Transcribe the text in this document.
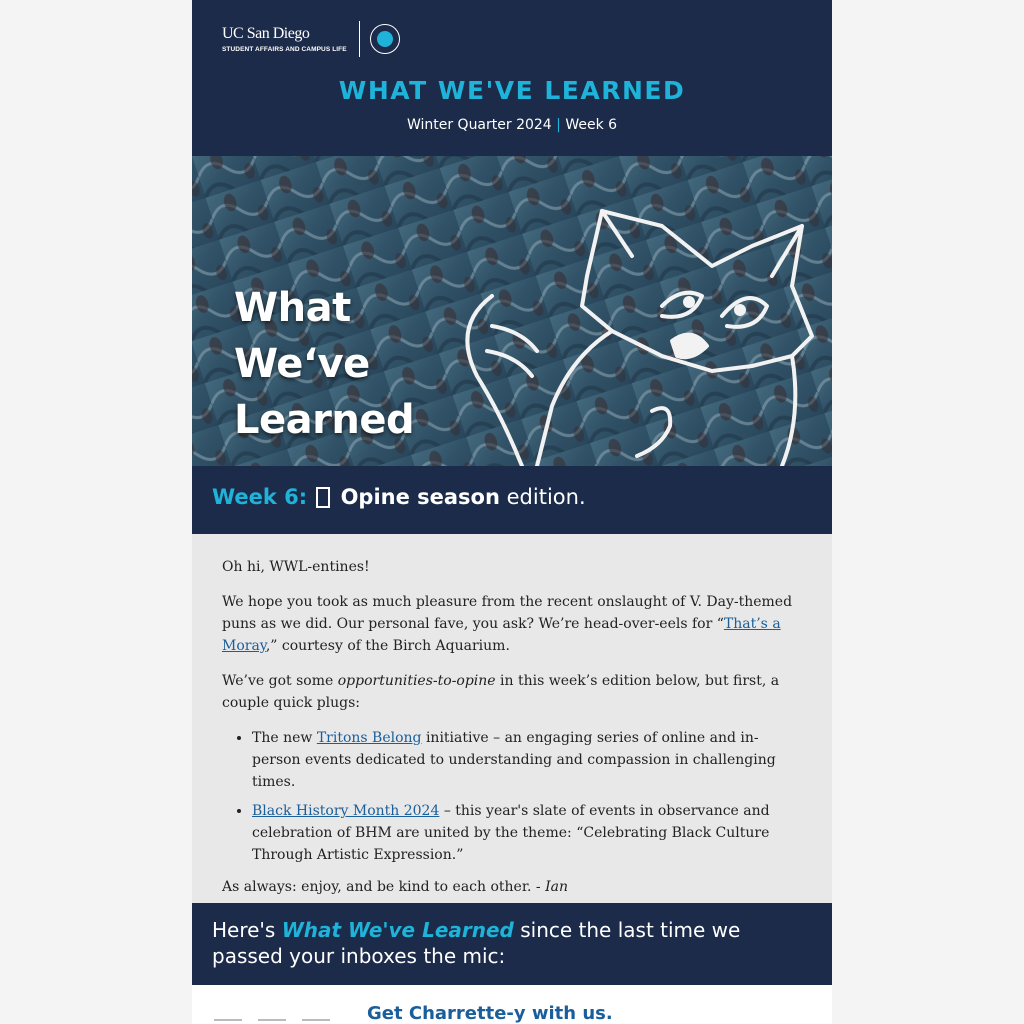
UC San Diego
STUDENT AFFAIRS AND CAMPUS LIFE
WHAT WE'VE LEARNED
Winter Quarter 2024 | Week 6
What
We‘ve
Learned
Week 6: Opine season edition.

Oh hi, WWL-entines!

We hope you took as much pleasure from the recent onslaught of V. Day-themed puns as we did. Our personal fave, you ask? We’re head-over-eels for “That’s a Moray,” courtesy of the Birch Aquarium.

We’ve got some opportunities-to-opine in this week’s edition below, but first, a couple quick plugs:

• The new Tritons Belong initiative – an engaging series of online and in-person events dedicated to understanding and compassion in challenging times.
• Black History Month 2024 – this year's slate of events in observance and celebration of BHM are united by the theme: “Celebrating Black Culture Through Artistic Expression.”

As always: enjoy, and be kind to each other. - Ian

Here's What We've Learned since the last time we passed your inboxes the mic:
Get Charrette-y with us.
